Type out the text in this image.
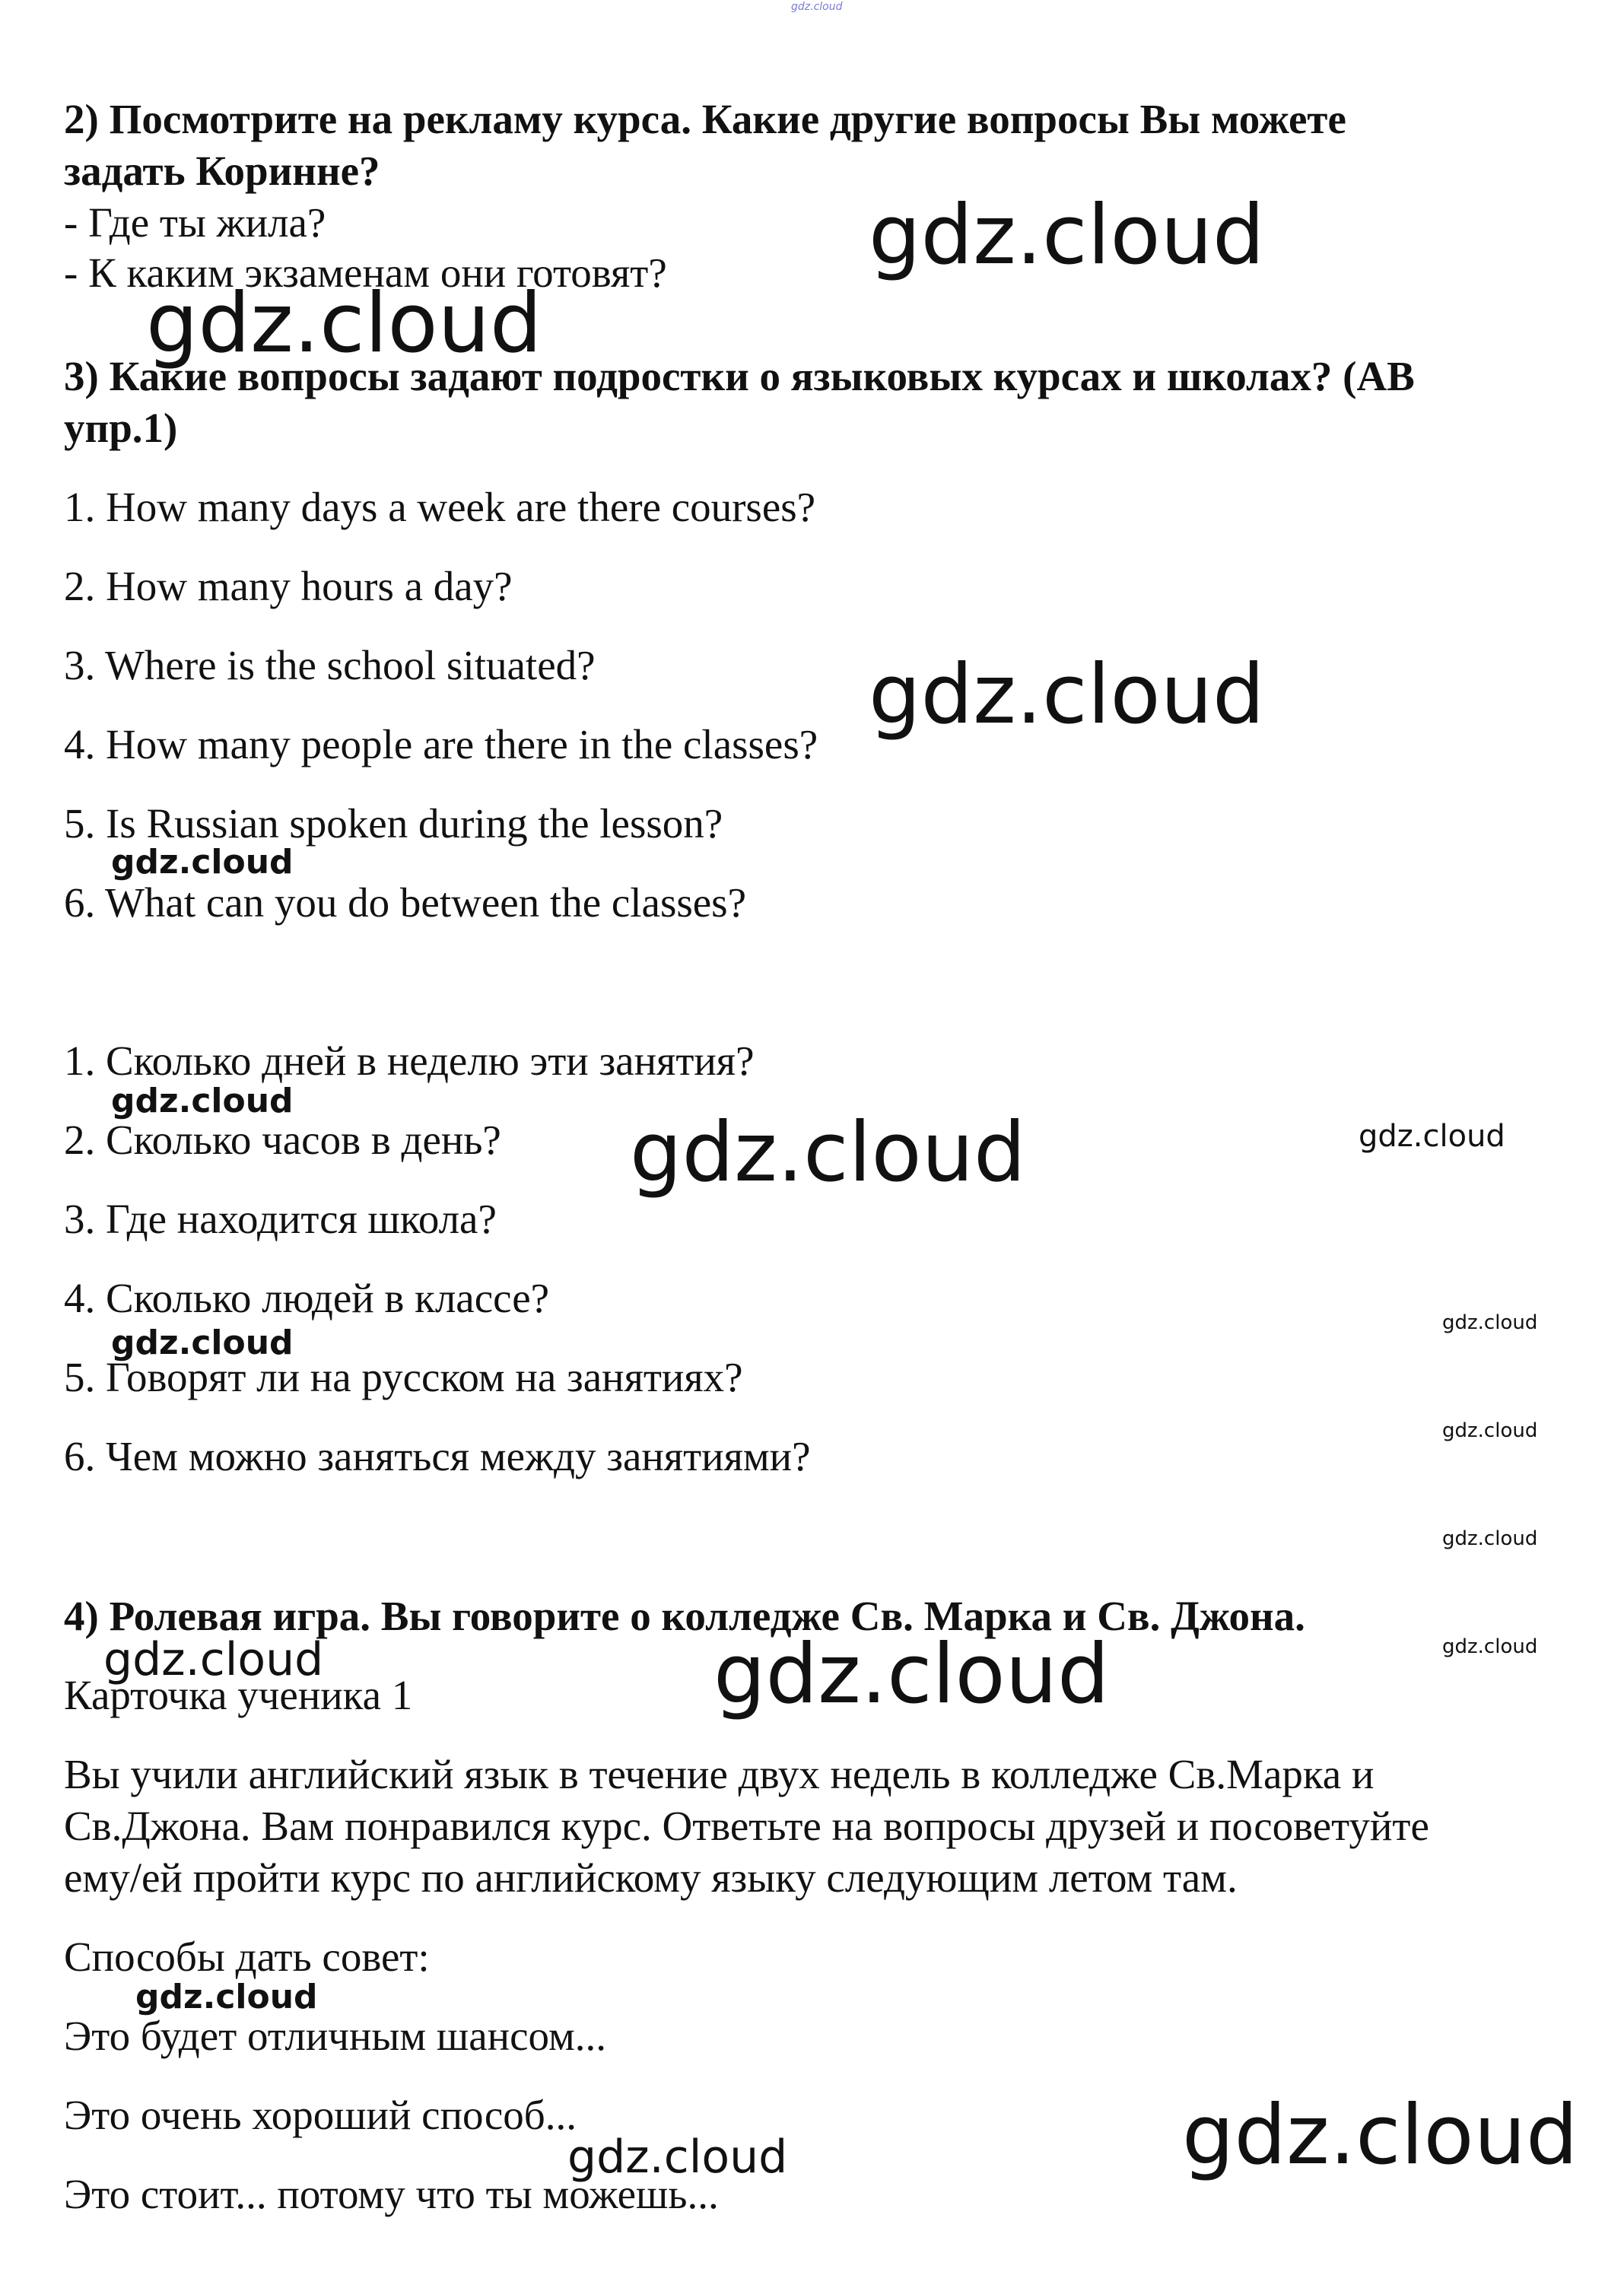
gdz.cloud

2) Посмотрите на рекламу курса. Какие другие вопросы Вы можете

задать Коринне?

- Где ты жила?

- К каким экзаменам они готовят?

3) Какие вопросы задают подростки о языковых курсах и школах? (AB

упр.1)

1. How many days a week are there courses?

2. How many hours a day?

3. Where is the school situated?

4. How many people are there in the classes?

5. Is Russian spoken during the lesson?

6. What can you do between the classes?

1. Сколько дней в неделю эти занятия?

2. Сколько часов в день?

3. Где находится школа?

4. Сколько людей в классе?

5. Говорят ли на русском на занятиях?

6. Чем можно заняться между занятиями?

4) Ролевая игра. Вы говорите о колледже Св. Марка и Св. Джона.

Карточка ученика 1

Вы учили английский язык в течение двух недель в колледже Св.Марка и

Св.Джона. Вам понравился курс. Ответьте на вопросы друзей и посоветуйте

ему/ей пройти курс по английскому языку следующим летом там.

Способы дать совет:

Это будет отличным шансом...

Это очень хороший способ...

Это стоит... потому что ты можешь...

gdz.cloud
gdz.cloud
gdz.cloud
gdz.cloud
gdz.cloud
gdz.cloud	gdz.cloud
gdz.cloud
gdz.cloud
gdz.cloud
gdz.cloud
gdz.cloud
gdz.cloud	gdz.cloud
gdz.cloud
gdz.cloud
gdz.cloud
